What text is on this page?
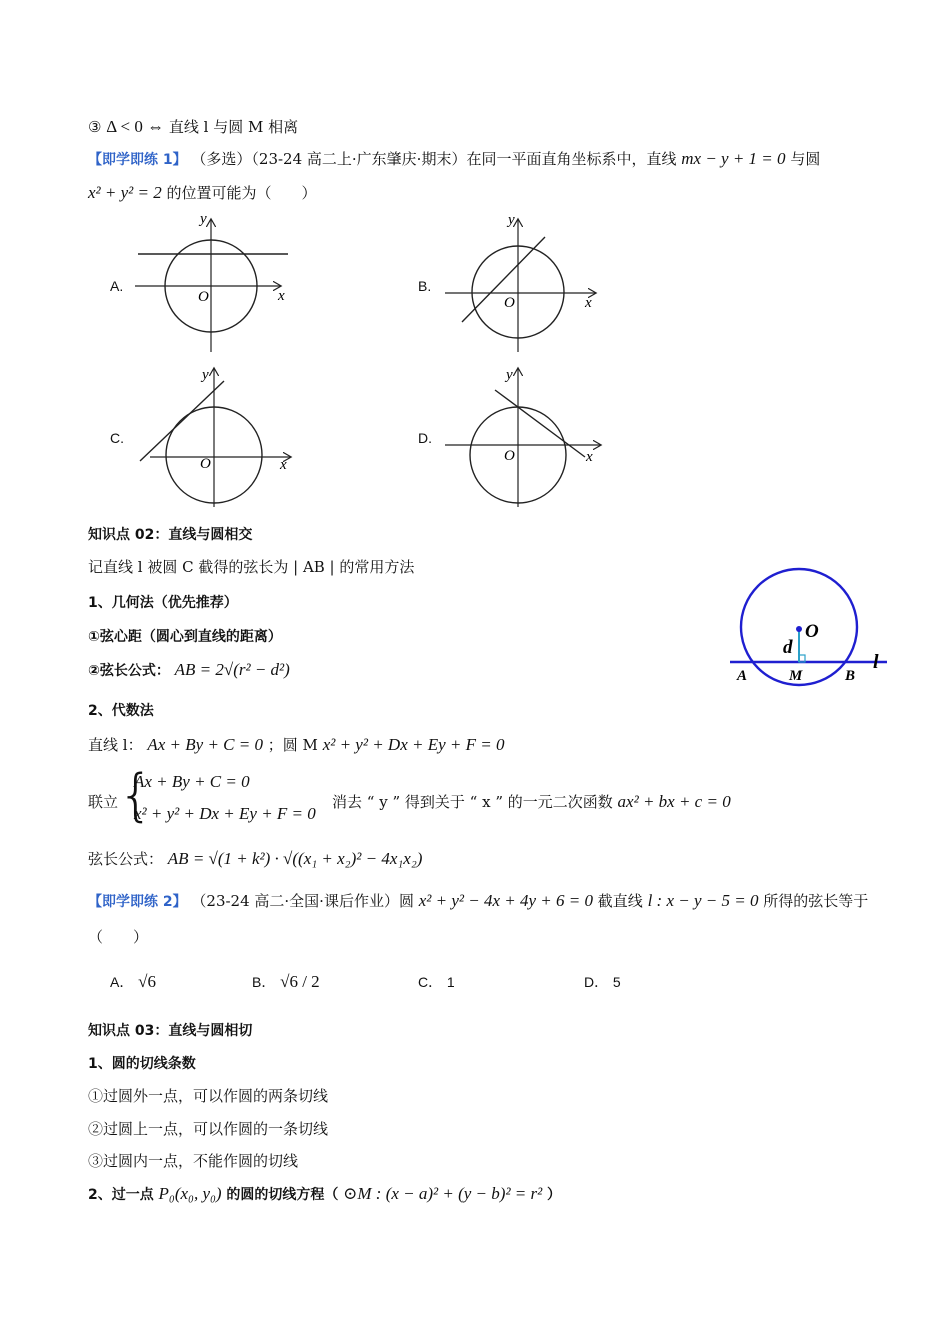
③ Δ < 0 ⇔ 直线 l 与圆 M 相离
【即学即练 1】 （多选）（23-24 高二上·广东肇庆·期末）在同一平面直角坐标系中，直线 mx − y + 1 = 0 与圆
x² + y² = 2 的位置可能为（　　）
A.	B.
C.	D.
y
x
O
y
x
O
y
x
O
y
x
O
知识点 02：直线与圆相交
记直线 l 被圆 C 截得的弦长为 | AB | 的常用方法
1、几何法（优先推荐）
①弦心距（圆心到直线的距离）
②弦长公式： AB = 2√(r² − d²)
2、代数法
直线 l： Ax + By + C = 0 ；圆 M x² + y² + Dx + Ey + F = 0
联立 {
Ax + By + C = 0
x² + y² + Dx + Ey + F = 0
消去 “ y ” 得到关于 “ x ” 的一元二次函数 ax² + bx + c = 0
弦长公式： AB = √(1 + k²) · √((x₁ + x₂)² − 4x₁x₂)
O
d
l
A	M	B
【即学即练 2】 （23-24 高二·全国·课后作业）圆 x² + y² − 4x + 4y + 6 = 0 截直线 l : x − y − 5 = 0 所得的弦长等于
（　　）
A． √6	B． √6 / 2	C． 1	D． 5
知识点 03：直线与圆相切
1、圆的切线条数
①过圆外一点，可以作圆的两条切线
②过圆上一点，可以作圆的一条切线
③过圆内一点，不能作圆的切线
2、过一点 P₀(x₀, y₀) 的圆的切线方程（ ⊙M : (x − a)² + (y − b)² = r² ）
